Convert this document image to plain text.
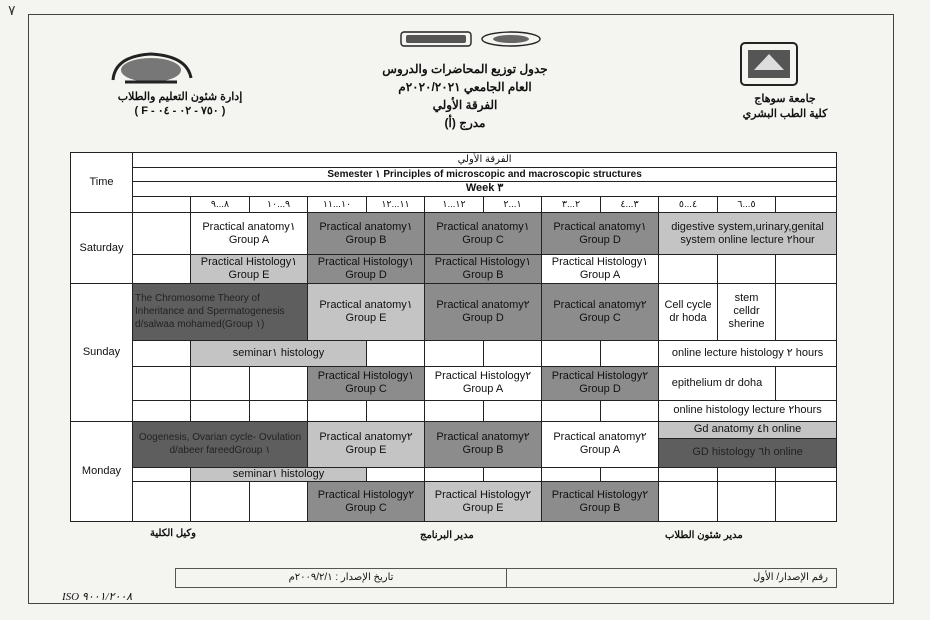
٧
جدول توزيع المحاضرات والدروس
العام الجامعي ٢٠٢٠/٢٠٢١م
الفرقة الأولي
مدرج (أ)
إدارة شئون التعليم والطلاب
( F - ٧٥٠ - ٠٢ - ٠٤ )
جامعة سوهاج
كلية الطب البشري
Time	الفرقة الأولي											
	Semester ١ Principles of microscopic and macroscopic structures											
	Week ٣											
		٨...٩	٩...١٠	١٠...١١	١١...١٢	١٢...١	١...٢	٢...٣	٣...٤	٤...٥	٥...٦	
Saturday		Practical anatomy١ Group A		Practical anatomy١ Group B		Practical anatomy١ Group C		Practical anatomy١ Group D		digestive system,urinary,genital system online lecture ٢hour		
		Practical Histology١ Group E		Practical Histology١ Group D		Practical Histology١ Group B		Practical Histology١ Group A				
Sunday	The Chromosome Theory of Inheritance and Spermatogenesis d/salwaa mohamed(Group ١)			Practical anatomy١ Group E		Practical anatomy٢ Group D		Practical anatomy٢ Group C		Cell cycle dr hoda	stem celldr sherine	
		seminar١ histology								online lecture histology ٢ hours		
				Practical Histology١ Group C		Practical Histology٢ Group A		Practical Histology٢ Group D		epithelium dr doha		
										online histology lecture ٢hours		
Monday	Oogenesis, Ovarian cycle- Ovulation d/abeer fareedGroup ١			Practical anatomy٢ Group E		Practical anatomy٢ Group B		Practical anatomy٢ Group A		Gd anatomy ٤h online		
										GD histology ٦h online		
		seminar١ histology										
				Practical Histology٢ Group C		Practical Histology٢ Group E		Practical Histology٢ Group B				
وكيل الكلية	مدير البرنامج	مدير شئون الطلاب
تاريخ الإصدار : ٢٠٠٩/٢/١م	رقم الإصدار/ الأول
ISO ٩٠٠١/٢٠٠٨
